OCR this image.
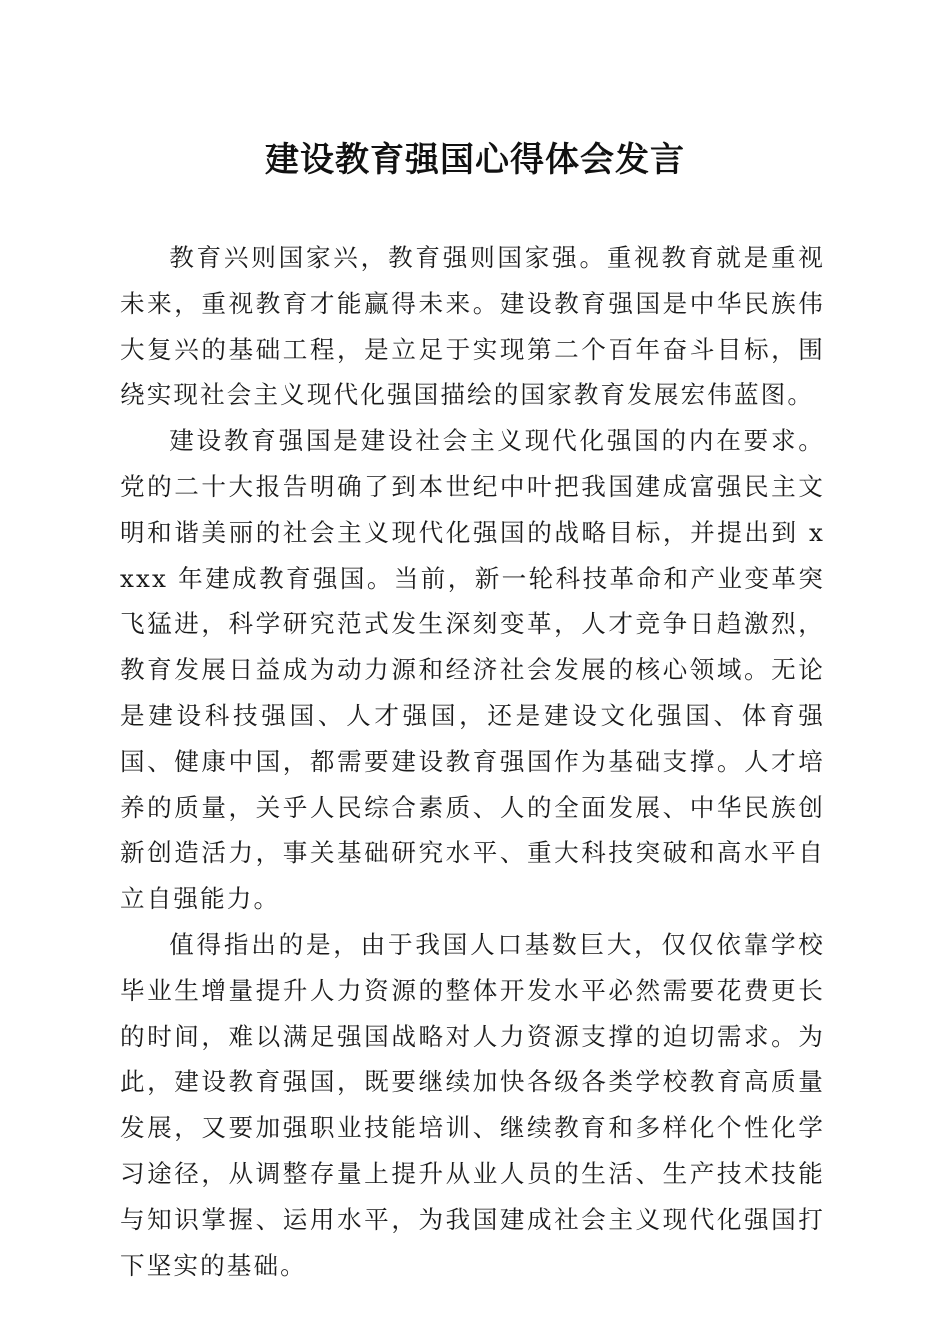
建设教育强国心得体会发言

教育兴则国家兴，教育强则国家强。重视教育就是重视未来，重视教育才能赢得未来。建设教育强国是中华民族伟大复兴的基础工程，是立足于实现第二个百年奋斗目标，围绕实现社会主义现代化强国描绘的国家教育发展宏伟蓝图。

建设教育强国是建设社会主义现代化强国的内在要求。党的二十大报告明确了到本世纪中叶把我国建成富强民主文明和谐美丽的社会主义现代化强国的战略目标，并提出到 xxxx 年建成教育强国。当前，新一轮科技革命和产业变革突飞猛进，科学研究范式发生深刻变革，人才竞争日趋激烈，教育发展日益成为动力源和经济社会发展的核心领域。无论是建设科技强国、人才强国，还是建设文化强国、体育强国、健康中国，都需要建设教育强国作为基础支撑。人才培养的质量，关乎人民综合素质、人的全面发展、中华民族创新创造活力，事关基础研究水平、重大科技突破和高水平自立自强能力。

值得指出的是，由于我国人口基数巨大，仅仅依靠学校毕业生增量提升人力资源的整体开发水平必然需要花费更长的时间，难以满足强国战略对人力资源支撑的迫切需求。为此，建设教育强国，既要继续加快各级各类学校教育高质量发展，又要加强职业技能培训、继续教育和多样化个性化学习途径，从调整存量上提升从业人员的生活、生产技术技能与知识掌握、运用水平，为我国建成社会主义现代化强国打下坚实的基础。
